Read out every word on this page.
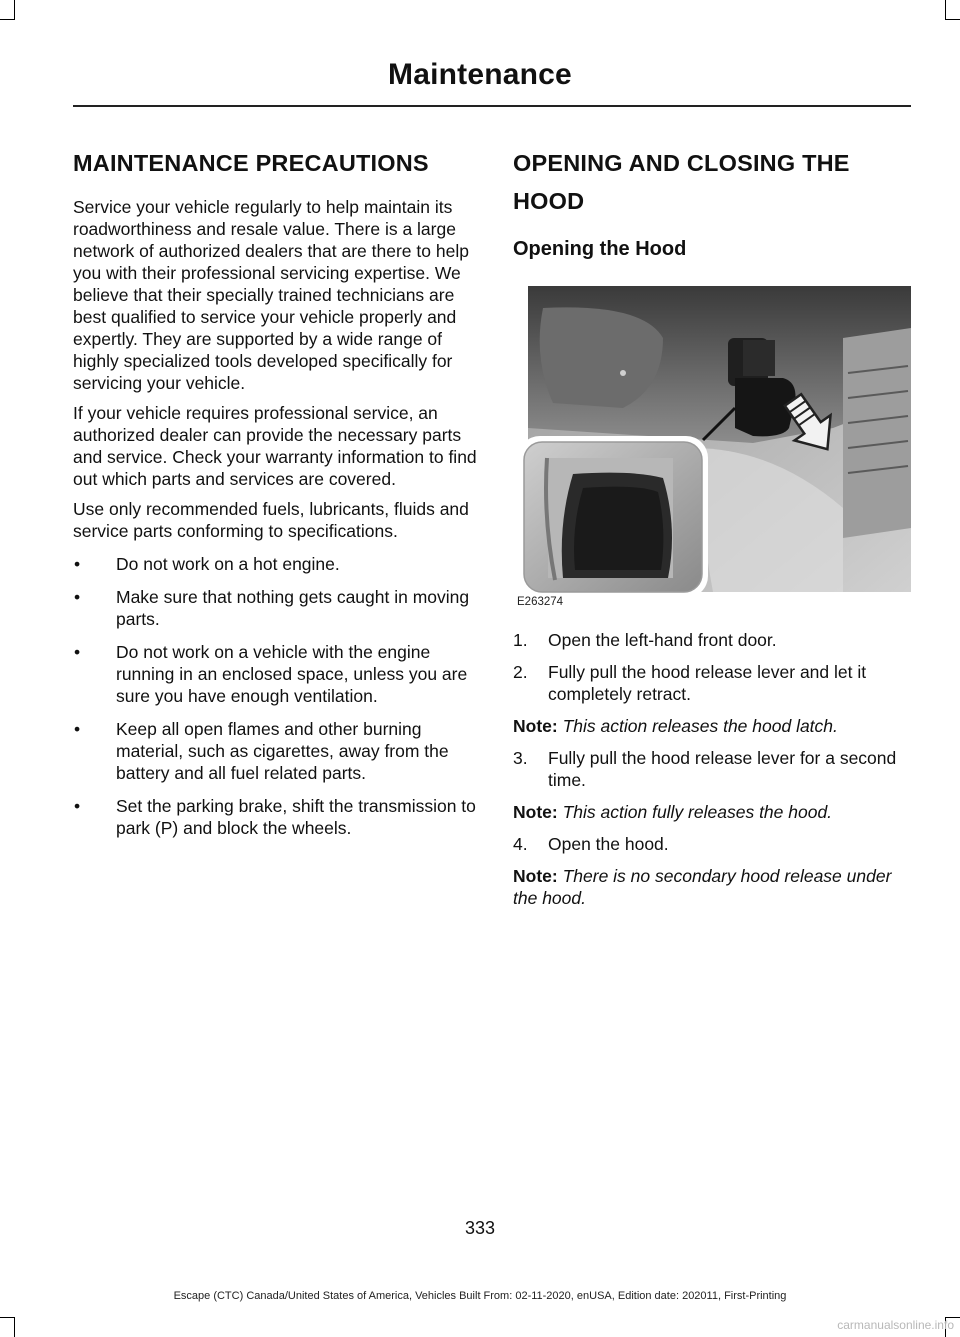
Maintenance
MAINTENANCE PRECAUTIONS

Service your vehicle regularly to help maintain its roadworthiness and resale value. There is a large network of authorized dealers that are there to help you with their professional servicing expertise. We believe that their specially trained technicians are best qualified to service your vehicle properly and expertly. They are supported by a wide range of highly specialized tools developed specifically for servicing your vehicle.

If your vehicle requires professional service, an authorized dealer can provide the necessary parts and service. Check your warranty information to find out which parts and services are covered.

Use only recommended fuels, lubricants, fluids and service parts conforming to specifications.

• Do not work on a hot engine.
• Make sure that nothing gets caught in moving parts.
• Do not work on a vehicle with the engine running in an enclosed space, unless you are sure you have enough ventilation.
• Keep all open flames and other burning material, such as cigarettes, away from the battery and all fuel related parts.
• Set the parking brake, shift the transmission to park (P) and block the wheels.
OPENING AND CLOSING THE
HOOD
Opening the Hood
E263274
1. Open the left-hand front door.
2. Fully pull the hood release lever and let it completely retract.

Note: This action releases the hood latch.

3. Fully pull the hood release lever for a second time.

Note: This action fully releases the hood.

4. Open the hood.

Note: There is no secondary hood release under the hood.

333
Escape (CTC) Canada/United States of America, Vehicles Built From: 02-11-2020, enUSA, Edition date: 202011, First-Printing
carmanualsonline.info
